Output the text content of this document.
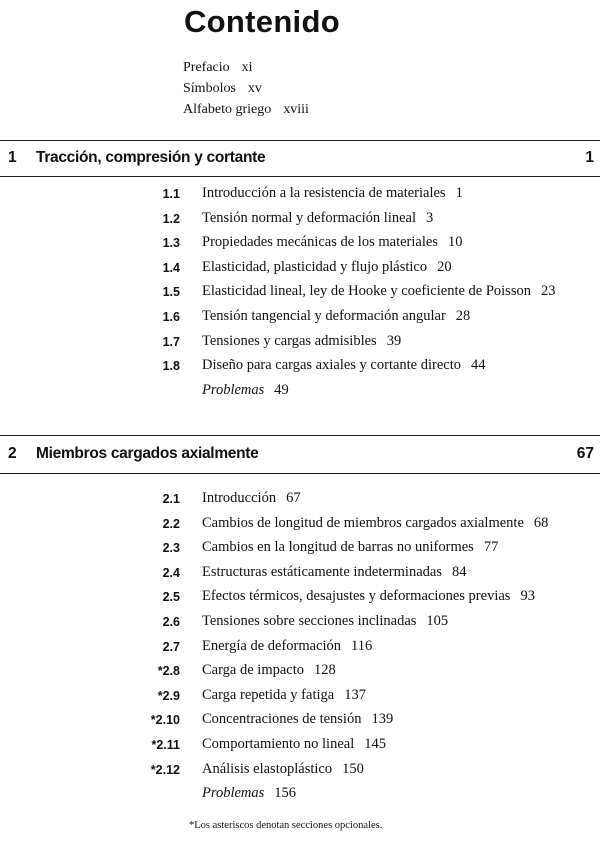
Contenido
Prefacio xi
Símbolos xv
Alfabeto griego xviii
1 Tracción, compresión y cortante	1
1.1 Introducción a la resistencia de materiales 1
1.2 Tensión normal y deformación lineal 3
1.3 Propiedades mecánicas de los materiales 10
1.4 Elasticidad, plasticidad y flujo plástico 20
1.5 Elasticidad lineal, ley de Hooke y coeficiente de Poisson 23
1.6 Tensión tangencial y deformación angular 28
1.7 Tensiones y cargas admisibles 39
1.8 Diseño para cargas axiales y cortante directo 44
Problemas 49
2 Miembros cargados axialmente	67
2.1 Introducción 67
2.2 Cambios de longitud de miembros cargados axialmente 68
2.3 Cambios en la longitud de barras no uniformes 77
2.4 Estructuras estáticamente indeterminadas 84
2.5 Efectos térmicos, desajustes y deformaciones previas 93
2.6 Tensiones sobre secciones inclinadas 105
2.7 Energía de deformación 116
*2.8 Carga de impacto 128
*2.9 Carga repetida y fatiga 137
*2.10 Concentraciones de tensión 139
*2.11 Comportamiento no lineal 145
*2.12 Análisis elastoplástico 150
Problemas 156
*Los asteriscos denotan secciones opcionales.
